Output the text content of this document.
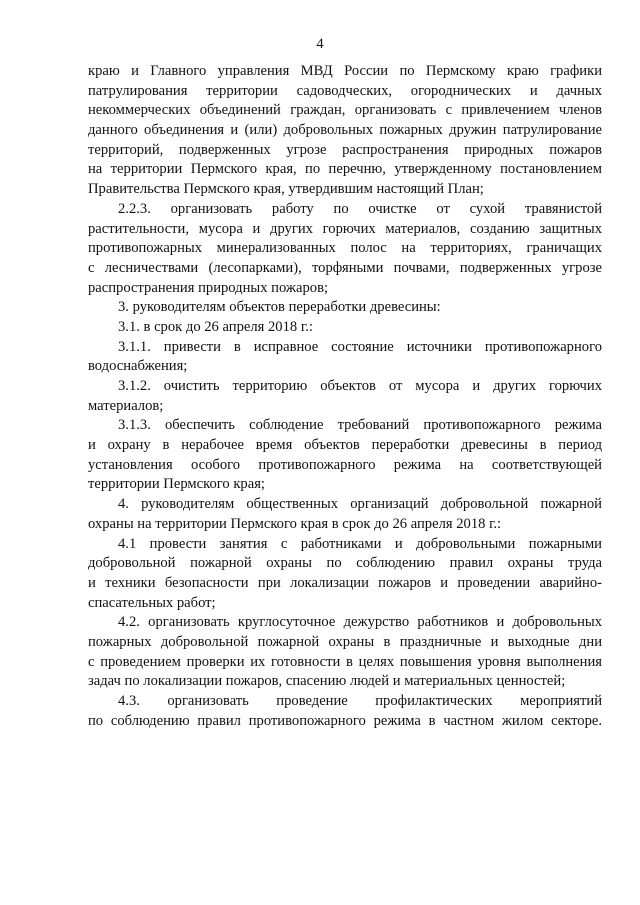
4
краю и Главного управления МВД России по Пермскому краю графики
патрулирования территории садоводческих, огороднических и дачных
некоммерческих объединений граждан, организовать с привлечением членов
данного объединения и (или) добровольных пожарных дружин патрулирование
территорий, подверженных угрозе распространения природных пожаров
на территории Пермского края, по перечню, утвержденному постановлением
Правительства Пермского края, утвердившим настоящий План;
2.2.3. организовать работу по очистке от сухой травянистой
растительности, мусора и других горючих материалов, созданию защитных
противопожарных минерализованных полос на территориях, граничащих
с лесничествами (лесопарками), торфяными почвами, подверженных угрозе
распространения природных пожаров;
3. руководителям объектов переработки древесины:
3.1. в срок до 26 апреля 2018 г.:
3.1.1. привести в исправное состояние источники противопожарного
водоснабжения;
3.1.2. очистить территорию объектов от мусора и других горючих
материалов;
3.1.3. обеспечить соблюдение требований противопожарного режима
и охрану в нерабочее время объектов переработки древесины в период
установления особого противопожарного режима на соответствующей
территории Пермского края;
4. руководителям общественных организаций добровольной пожарной
охраны на территории Пермского края в срок до 26 апреля 2018 г.:
4.1 провести занятия с работниками и добровольными пожарными
добровольной пожарной охраны по соблюдению правил охраны труда
и техники безопасности при локализации пожаров и проведении аварийно-
спасательных работ;
4.2. организовать круглосуточное дежурство работников и добровольных
пожарных добровольной пожарной охраны в праздничные и выходные дни
с проведением проверки их готовности в целях повышения уровня выполнения
задач по локализации пожаров, спасению людей и материальных ценностей;
4.3. организовать проведение профилактических мероприятий
по соблюдению правил противопожарного режима в частном жилом секторе.
